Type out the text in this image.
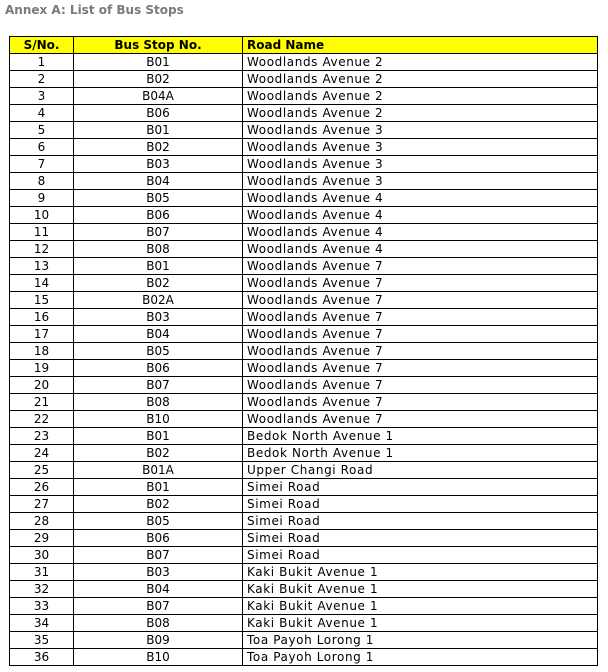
Annex A: List of Bus Stops
S/No.	Bus Stop No.	Road Name
1	B01	Woodlands Avenue 2
2	B02	Woodlands Avenue 2
3	B04A	Woodlands Avenue 2
4	B06	Woodlands Avenue 2
5	B01	Woodlands Avenue 3
6	B02	Woodlands Avenue 3
7	B03	Woodlands Avenue 3
8	B04	Woodlands Avenue 3
9	B05	Woodlands Avenue 4
10	B06	Woodlands Avenue 4
11	B07	Woodlands Avenue 4
12	B08	Woodlands Avenue 4
13	B01	Woodlands Avenue 7
14	B02	Woodlands Avenue 7
15	B02A	Woodlands Avenue 7
16	B03	Woodlands Avenue 7
17	B04	Woodlands Avenue 7
18	B05	Woodlands Avenue 7
19	B06	Woodlands Avenue 7
20	B07	Woodlands Avenue 7
21	B08	Woodlands Avenue 7
22	B10	Woodlands Avenue 7
23	B01	Bedok North Avenue 1
24	B02	Bedok North Avenue 1
25	B01A	Upper Changi Road
26	B01	Simei Road
27	B02	Simei Road
28	B05	Simei Road
29	B06	Simei Road
30	B07	Simei Road
31	B03	Kaki Bukit Avenue 1
32	B04	Kaki Bukit Avenue 1
33	B07	Kaki Bukit Avenue 1
34	B08	Kaki Bukit Avenue 1
35	B09	Toa Payoh Lorong 1
36	B10	Toa Payoh Lorong 1
